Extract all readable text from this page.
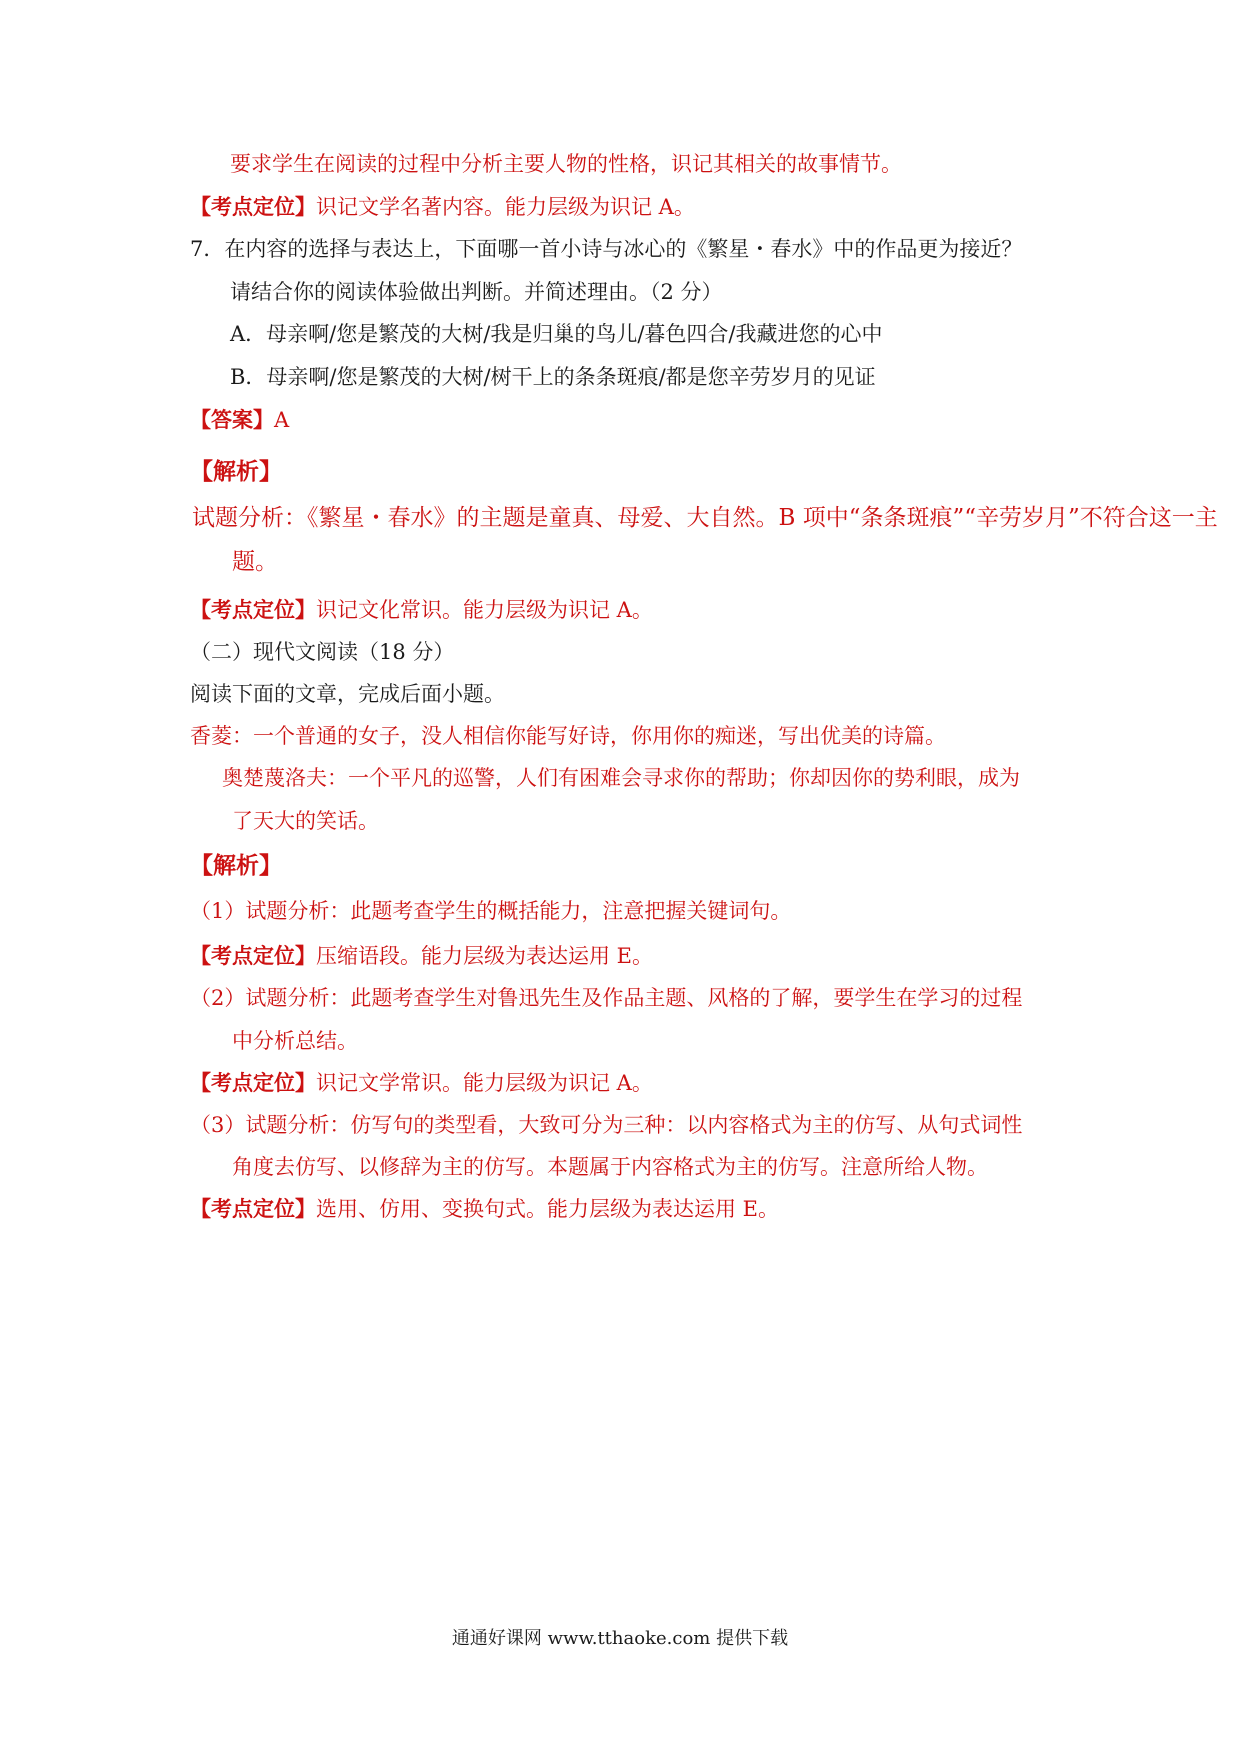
要求学生在阅读的过程中分析主要人物的性格，识记其相关的故事情节。
【考点定位】识记文学名著内容。能力层级为识记 A。
7．在内容的选择与表达上，下面哪一首小诗与冰心的《繁星・春水》中的作品更为接近？
请结合你的阅读体验做出判断。并简述理由。（2 分）
A．母亲啊/您是繁茂的大树/我是归巢的鸟儿/暮色四合/我藏进您的心中
B．母亲啊/您是繁茂的大树/树干上的条条斑痕/都是您辛劳岁月的见证
【答案】A
【解析】
试题分析：《繁星・春水》的主题是童真、母爱、大自然。B 项中“条条斑痕”“辛劳岁月”不符合这一主
题。
【考点定位】识记文化常识。能力层级为识记 A。
（二）现代文阅读（18 分）
阅读下面的文章，完成后面小题。
香菱：一个普通的女子，没人相信你能写好诗，你用你的痴迷，写出优美的诗篇。
奥楚蔑洛夫：一个平凡的巡警，人们有困难会寻求你的帮助；你却因你的势利眼，成为
了天大的笑话。
【解析】
（1）试题分析：此题考查学生的概括能力，注意把握关键词句。
【考点定位】压缩语段。能力层级为表达运用 E。
（2）试题分析：此题考查学生对鲁迅先生及作品主题、风格的了解，要学生在学习的过程
中分析总结。
【考点定位】识记文学常识。能力层级为识记 A。
（3）试题分析：仿写句的类型看，大致可分为三种：以内容格式为主的仿写、从句式词性
角度去仿写、以修辞为主的仿写。本题属于内容格式为主的仿写。注意所给人物。
【考点定位】选用、仿用、变换句式。能力层级为表达运用 E。
通通好课网 www.tthaoke.com 提供下载
